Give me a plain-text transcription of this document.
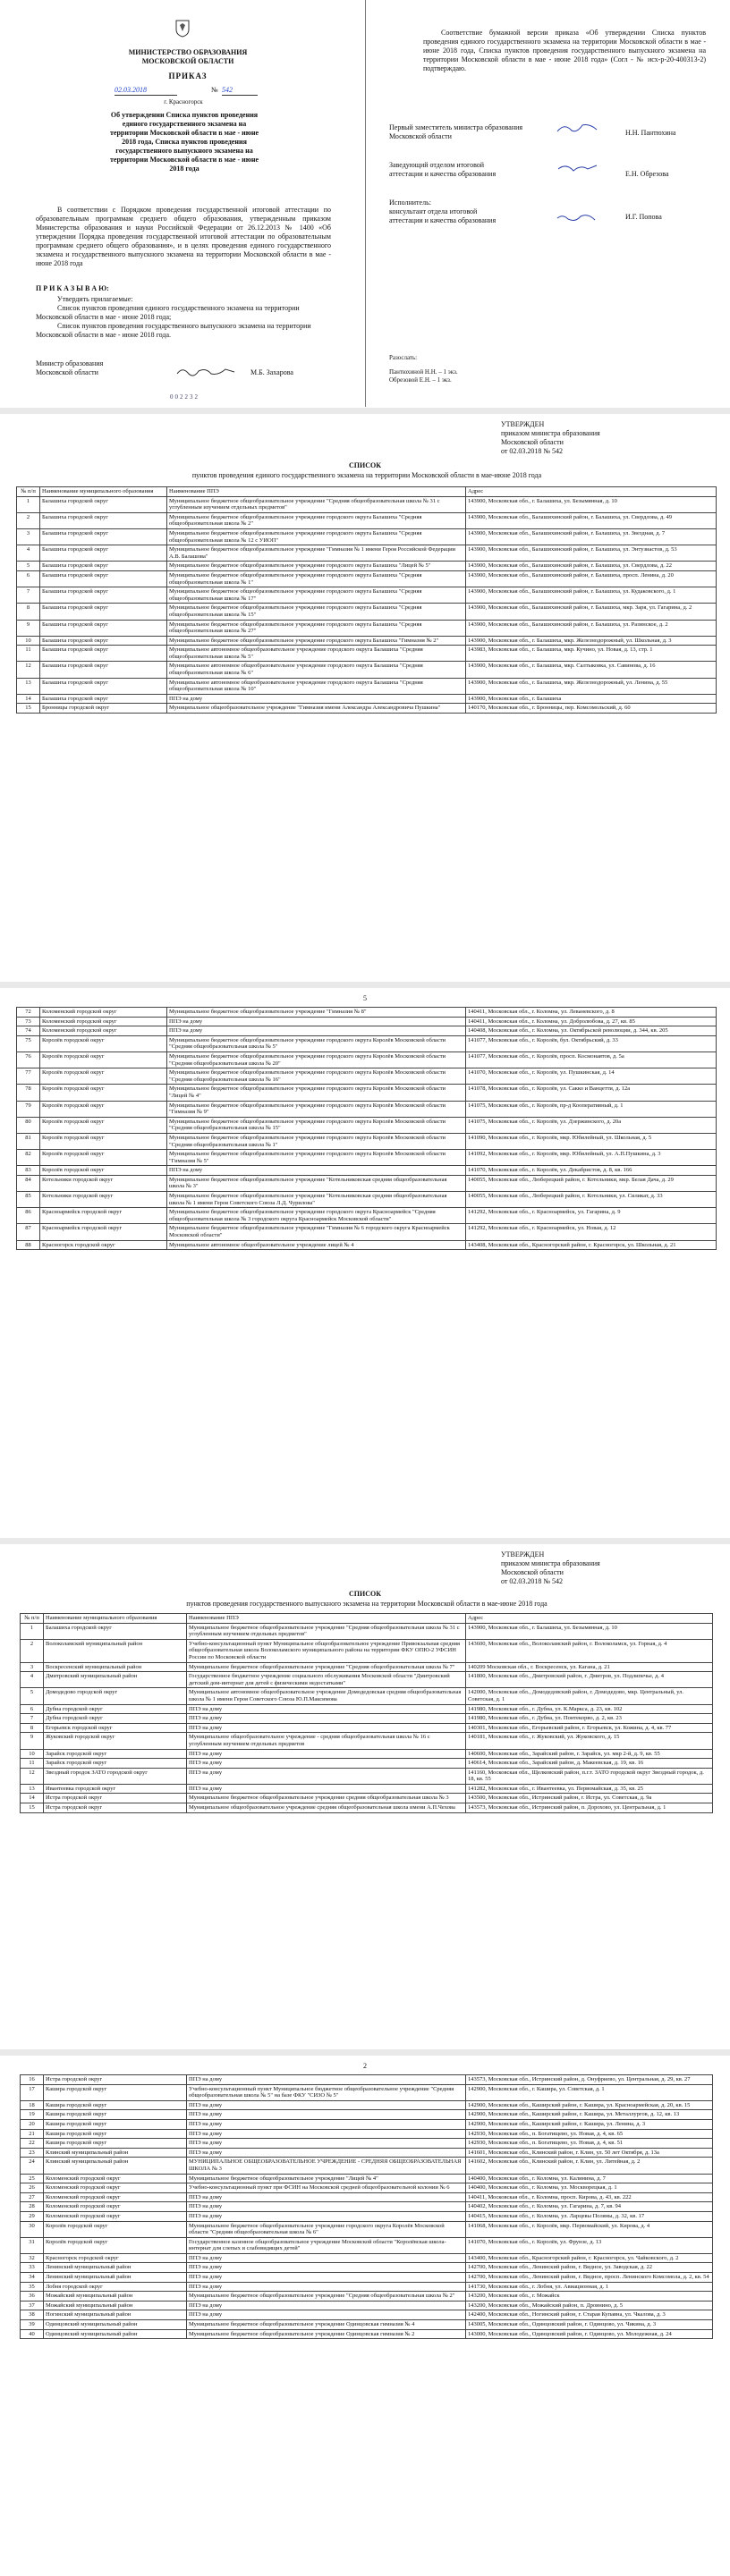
МИНИСТЕРСТВО ОБРАЗОВАНИЯ
МОСКОВСКОЙ ОБЛАСТИ
ПРИКАЗ
02.03.2018	№ 542
г. Красногорск
Об утверждении Списка пунктов проведения единого государственного экзамена на территории Московской области в мае - июне 2018 года, Списка пунктов проведения государственного выпускного экзамена на территории Московской области в мае - июне 2018 года
В соответствии с Порядком проведения государственной итоговой аттестации по образовательным программам среднего общего образования, утвержденным приказом Министерства образования и науки Российской Федерации от 26.12.2013 № 1400 «Об утверждении Порядка проведения государственной итоговой аттестации по образовательным программам среднего общего образования», и в целях проведения единого государственного экзамена и государственного выпускного экзамена на территории Московской области в мае - июне 2018 года
П Р И К А З Ы В А Ю:
Утвердить прилагаемые:
Список пунктов проведения единого государственного экзамена на территории Московской области в мае - июне 2018 года;
Список пунктов проведения государственного выпускного экзамена на территории Московской области в мае - июне 2018 года.
Министр образования
Московской области	М.Б. Захарова
002232
Соответствие бумажной версии приказа «Об утверждении Списка пунктов проведения единого государственного экзамена на территории Московской области в мае - июне 2018 года, Списка пунктов проведения государственного выпускного экзамена на территории Московской области в мае - июне 2018 года» (Согл - № исх-р-20-400313-2) подтверждаю.
Первый заместитель министра образования
Московской области	Н.Н. Пантюхина
Заведующий отделом итоговой
аттестации и качества образования	Е.Н. Обрезова
Исполнитель:
консультант отдела итоговой
аттестации и качества образования	И.Г. Попова
Разослать:
Пантюхиной Н.Н. – 1 экз.
Обрезовой Е.Н. – 1 экз.
УТВЕРЖДЕН
приказом министра образования
Московской области
от 02.03.2018 № 542
СПИСОК
пунктов проведения единого государственного экзамена на территории Московской области в мае-июне 2018 года
№ п/п	Наименование муниципального образования	Наименование ППЭ	Адрес
1	Балашиха городской округ	Муниципальное бюджетное общеобразовательное учреждение "Средняя общеобразовательная школа № 31 с углубленным изучением отдельных предметов"	143900, Московская обл., г. Балашиха, ул. Безымянная, д. 10
2	Балашиха городской округ	Муниципальное бюджетное общеобразовательное учреждение городского округа Балашиха "Средняя общеобразовательная школа № 2"	143900, Московская обл., Балашихинский район, г. Балашиха, ул. Свердлова, д. 49
3	Балашиха городской округ	Муниципальное бюджетное общеобразовательное учреждение городского округа Балашиха "Средняя общеобразовательная школа № 12 с УИОП"	143900, Московская обл., Балашихинский район, г. Балашиха, ул. Звездная, д. 7
4	Балашиха городской округ	Муниципальное бюджетное общеобразовательное учреждение "Гимназия № 1 имени Героя Российской Федерации А.В. Балашова"	143900, Московская обл., Балашихинский район, г. Балашиха, ул. Энтузиастов, д. 53
5	Балашиха городской округ	Муниципальное бюджетное общеобразовательное учреждение городского округа Балашиха "Лицей № 5"	143900, Московская обл., Балашихинский район, г. Балашиха, ул. Свердлова, д. 22
6	Балашиха городской округ	Муниципальное бюджетное общеобразовательное учреждение городского округа Балашиха "Средняя общеобразовательная школа № 1"	143900, Московская обл., Балашихинский район, г. Балашиха, просп. Ленина, д. 20
7	Балашиха городской округ	Муниципальное бюджетное общеобразовательное учреждение городского округа Балашиха "Средняя общеобразовательная школа № 17"	143900, Московская обл., Балашихинский район, г. Балашиха, ул. Кудаковского, д. 1
8	Балашиха городской округ	Муниципальное бюджетное общеобразовательное учреждение городского округа Балашиха "Средняя общеобразовательная школа № 15"	143900, Московская обл., Балашихинский район, г. Балашиха, мкр. Заря, ул. Гагарина, д. 2
9	Балашиха городской округ	Муниципальное бюджетное общеобразовательное учреждение городского округа Балашиха "Средняя общеобразовательная школа № 27"	143900, Московская обл., Балашихинский район, г. Балашиха, ул. Разинское, д. 2
10	Балашиха городской округ	Муниципальное бюджетное общеобразовательное учреждение городского округа Балашиха "Гимназия № 2"	143900, Московская обл., г. Балашиха, мкр. Железнодорожный, ул. Школьная, д. 3
11	Балашиха городской округ	Муниципальное автономное общеобразовательное учреждение городского округа Балашиха "Средняя общеобразовательная школа № 5"	143983, Московская обл., г. Балашиха, мкр. Кучино, ул. Новая, д. 13, стр. 1
12	Балашиха городской округ	Муниципальное автономное общеобразовательное учреждение городского округа Балашиха "Средняя общеобразовательная школа № 6"	143900, Московская обл., г. Балашиха, мкр. Салтыковка, ул. Савинова, д. 16
13	Балашиха городской округ	Муниципальное автономное общеобразовательное учреждение городского округа Балашиха "Средняя общеобразовательная школа № 10"	143900, Московская обл., г. Балашиха, мкр. Железнодорожный, ул. Ленина, д. 55
14	Балашиха городской округ	ППЭ на дому	143900, Московская обл., г. Балашиха
15	Бронницы городской округ	Муниципальное общеобразовательное учреждение "Гимназия имени Александра Александровича Пушкина"	140170, Московская обл., г. Бронницы, пер. Комсомольский, д. 60
5
72	Коломенский городской округ	Муниципальное бюджетное общеобразовательное учреждение "Гимназия № 8"	140411, Московская обл., г. Коломна, ул. Леваневского, д. 8
73	Коломенский городской округ	ППЭ на дому	140411, Московская обл., г. Коломна, ул. Добролюбова, д. 27, кв. 85
74	Коломенский городской округ	ППЭ на дому	140408, Московская обл., г. Коломна, ул. Октябрьской революции, д. 344, кв. 205
75	Королёв городской округ	Муниципальное бюджетное общеобразовательное учреждение городского округа Королёв Московской области "Средняя общеобразовательная школа № 5"	141077, Московская обл., г. Королёв, бул. Октябрьский, д. 33
76	Королёв городской округ	Муниципальное бюджетное общеобразовательное учреждение городского округа Королёв Московской области "Средняя общеобразовательная школа № 20"	141077, Московская обл., г. Королёв, просп. Космонавтов, д. 5а
77	Королёв городской округ	Муниципальное бюджетное общеобразовательное учреждение городского округа Королёв Московской области "Средняя общеобразовательная школа № 16"	141070, Московская обл., г. Королёв, ул. Пушкинская, д. 14
78	Королёв городской округ	Муниципальное бюджетное общеобразовательное учреждение городского округа Королёв Московской области "Лицей № 4"	141078, Московская обл., г. Королёв, ул. Сакко и Ванцетти, д. 12а
79	Королёв городской округ	Муниципальное бюджетное общеобразовательное учреждение городского округа Королёв Московской области "Гимназия № 9"	141075, Московская обл., г. Королёв, пр-д Кооперативный, д. 1
80	Королёв городской округ	Муниципальное бюджетное общеобразовательное учреждение городского округа Королёв Московской области "Средняя общеобразовательная школа № 15"	141075, Московская обл., г. Королёв, ул. Дзержинского, д. 20а
81	Королёв городской округ	Муниципальное бюджетное общеобразовательное учреждение городского округа Королёв Московской области "Средняя общеобразовательная школа № 1"	141090, Московская обл., г. Королёв, мкр. Юбилейный, ул. Школьная, д. 5
82	Королёв городской округ	Муниципальное бюджетное общеобразовательное учреждение городского округа Королёв Московской области "Гимназия № 5"	141092, Московская обл., г. Королёв, мкр. Юбилейный, ул. А.П.Пушкина, д. 3
83	Королёв городской округ	ППЭ на дому	141070, Московская обл., г. Королёв, ул. Декабристов, д. 8, кв. 166
84	Котельники городской округ	Муниципальное бюджетное общеобразовательное учреждение "Котельниковская средняя общеобразовательная школа № 3"	140055, Московская обл., Люберецкий район, г. Котельники, мкр. Белая Дача, д. 29
85	Котельники городской округ	Муниципальное бюджетное общеобразовательное учреждение "Котельниковская средняя общеобразовательная школа № 1 имени Героя Советского Союза Л.Д. Чурилова"	140055, Московская обл., Люберецкий район, г. Котельники, ул. Силикат, д. 33
86	Красноармейск городской округ	Муниципальное бюджетное общеобразовательное учреждение городского округа Красноармейск "Средняя общеобразовательная школа № 3 городского округа Красноармейск Московской области"	141292, Московская обл., г. Красноармейск, ул. Гагарина, д. 9
87	Красноармейск городской округ	Муниципальное бюджетное общеобразовательное учреждение "Гимназия № 6 городского округа Красноармейск Московской области"	141292, Московская обл., г. Красноармейск, ул. Новая, д. 12
88	Красногорск городской округ	Муниципальное автономное общеобразовательное учреждение лицей № 4	143408, Московская обл., Красногорский район, г. Красногорск, ул. Школьная, д. 21
УТВЕРЖДЕН
приказом министра образования
Московской области
от 02.03.2018 № 542
СПИСОК
пунктов проведения государственного выпускного экзамена на территории Московской области в мае-июне 2018 года
№ п/п	Наименование муниципального образования	Наименование ППЭ	Адрес
1	Балашиха городской округ	Муниципальное бюджетное общеобразовательное учреждение "Средняя общеобразовательная школа № 31 с углубленным изучением отдельных предметов"	143900, Московская обл., г. Балашиха, ул. Безымянная, д. 10
2	Волоколамский муниципальный район	Учебно-консультационный пункт Муниципальное общеобразовательное учреждение Привокзальная средняя общеобразовательная школа Волоколамского муниципального района на территории ФКУ ОПЮ-2 УФСИН России по Московской области	143600, Московская обл., Волоколамский район, г. Волоколамск, ул. Горная, д. 4
3	Воскресенский муниципальный район	Муниципальное бюджетное общеобразовательное учреждение "Средняя общеобразовательная школа № 7"	140209 Московская обл., г. Воскресенск, ул. Кагана, д. 21
4	Дмитровский муниципальный район	Государственное бюджетное учреждение социального обслуживания Московской области "Дмитровский детский дом-интернат для детей с физическими недостатками"	141800, Московская обл., Дмитровский район, г. Дмитров, ул. Подлипечье, д. 4
5	Домодедово городской округ	Муниципальное автономное общеобразовательное учреждение Домодедовская средняя общеобразовательная школа № 1 имени Героя Советского Союза Ю.П.Максимова	142000, Московская обл., Домодедовский район, г. Домодедово, мкр. Центральный, ул. Советская, д. 1
6	Дубна городской округ	ППЭ на дому	141980, Московская обл., г. Дубна, ул. К.Маркса, д. 23, кв. 102
7	Дубна городской округ	ППЭ на дому	141980, Московская обл., г. Дубна, ул. Понтекорво, д. 2, кв. 23
8	Егорьевск городской округ	ППЭ на дому	140301, Московская обл., Егорьевский район, г. Егорьевск, ул. Кожина, д. 4, кв. 77
9	Жуковский городской округ	Муниципальное общеобразовательное учреждение - средняя общеобразовательная школа № 16 с углубленным изучением отдельных предметов	140181, Московская обл., г. Жуковский, ул. Жуковского, д. 15
10	Зарайск городской округ	ППЭ на дому	140600, Московская обл., Зарайский район, г. Зарайск, ул. мкр 2-й, д. 9, кв. 55
11	Зарайск городской округ	ППЭ на дому	140614, Московская обл., Зарайский район, д. Макеевская, д. 19, кв. 16
12	Звездный городок ЗАТО городской округ	ППЭ на дому	141160, Московская обл., Щелковский район, п.г.т. ЗАТО городской округ Звездный городок, д. 18, кв. 55
13	Ивантеевка городской округ	ППЭ на дому	141282, Московская обл., г. Ивантеевка, ул. Первомайская, д. 35, кв. 25
14	Истра городской округ	Муниципальное бюджетное общеобразовательное учреждение средняя общеобразовательная школа № 3	143500, Московская обл., Истринский район, г. Истра, ул. Советская, д. 9а
15	Истра городской округ	Муниципальное общеобразовательное учреждение средняя общеобразовательная школа имени А.П.Чехова	143573, Московская обл., Истринский район, п. Дорохово, ул. Центральная, д. 1
2
16	Истра городской округ	ППЭ на дому	143573, Московская обл., Истринский район, д. Онуфриево, ул. Центральная, д. 29, кв. 27
17	Кашира городской округ	Учебно-консультационный пункт Муниципальное бюджетное общеобразовательное учреждение "Средняя общеобразовательная школа № 5" на базе ФКУ "СИЗО № 5"	142900, Московская обл., г. Кашира, ул. Советская, д. 1
18	Кашира городской округ	ППЭ на дому	142900, Московская обл., Каширский район, г. Кашира, ул. Красноармейская, д. 20, кв. 15
19	Кашира городской округ	ППЭ на дому	142900, Московская обл., Каширский район, г. Кашира, ул. Металлургов, д. 12, кв. 13
20	Кашира городской округ	ППЭ на дому	142900, Московская обл., Каширский район, г. Кашира, ул. Ленина, д. 3
21	Кашира городской округ	ППЭ на дому	142930, Московская обл., п. Богатищево, ул. Новая, д. 4, кв. 65
22	Кашира городской округ	ППЭ на дому	142930, Московская обл., п. Богатищево, ул. Новая, д. 4, кв. 51
23	Клинский муниципальный район	ППЭ на дому	141601, Московская обл., Клинский район, г. Клин, ул. 50 лет Октября, д. 13а
24	Клинский муниципальный район	МУНИЦИПАЛЬНОЕ ОБЩЕОБРАЗОВАТЕЛЬНОЕ УЧРЕЖДЕНИЕ - СРЕДНЯЯ ОБЩЕОБРАЗОВАТЕЛЬНАЯ ШКОЛА № 3	141602, Московская обл., Клинский район, г. Клин, ул. Литейная, д. 2
25	Коломенский городской округ	Муниципальное бюджетное общеобразовательное учреждение "Лицей № 4"	140400, Московская обл., г. Коломна, ул. Калинина, д. 7
26	Коломенский городской округ	Учебно-консультационный пункт при ФСИН на Московской средней общеобразовательной колонии № 6	140400, Московская обл., г. Коломна, ул. Москворецкая, д. 1
27	Коломенский городской округ	ППЭ на дому	140411, Московская обл., г. Коломна, просп. Кирова, д. 43, кв. 222
28	Коломенский городской округ	ППЭ на дому	140402, Московская обл., г. Коломна, ул. Гагарина, д. 7, кв. 94
29	Коломенский городской округ	ППЭ на дому	140415, Московская обл., г. Коломна, ул. Ларцевы Поляны, д. 32, кв. 17
30	Королёв городской округ	Муниципальное бюджетное общеобразовательное учреждение городского округа Королёв Московской области "Средняя общеобразовательная школа № 6"	141068, Московская обл., г. Королёв, мкр. Первомайский, ул. Кирова, д. 4
31	Королёв городской округ	Государственное казенное общеобразовательное учреждение Московской области "Королёвская школа-интернат для слепых и слабовидящих детей"	141070, Московская обл., г. Королёв, ул. Фрунзе, д. 13
32	Красногорск городской округ	ППЭ на дому	143400, Московская обл., Красногорский район, г. Красногорск, ул. Чайковского, д. 2
33	Ленинский муниципальный район	ППЭ на дому	142700, Московская обл., Ленинский район, г. Видное, ул. Заводская, д. 22
34	Ленинский муниципальный район	ППЭ на дому	142700, Московская обл., Ленинский район, г. Видное, просп. Ленинского Комсомола, д. 2, кв. 54
35	Лобня городской округ	ППЭ на дому	141730, Московская обл., г. Лобня, ул. Авиационная, д. 1
36	Можайский муниципальный район	Муниципальное бюджетное общеобразовательное учреждение "Средняя общеобразовательная школа № 2"	143200, Московская обл., г. Можайск
37	Можайский муниципальный район	ППЭ на дому	143200, Московская обл., Можайский район, п. Дровнино, д. 5
38	Ногинский муниципальный район	ППЭ на дому	142400, Московская обл., Ногинский район, г. Старая Купавна, ул. Чкалова, д. 3
39	Одинцовский муниципальный район	Муниципальное бюджетное общеобразовательное учреждение Одинцовская гимназия № 4	143005, Московская обл., Одинцовский район, г. Одинцово, ул. Чикина, д. 3
40	Одинцовский муниципальный район	Муниципальное бюджетное общеобразовательное учреждение Одинцовская гимназия № 2	143000, Московская обл., Одинцовский район, г. Одинцово, ул. Молодежная, д. 24
